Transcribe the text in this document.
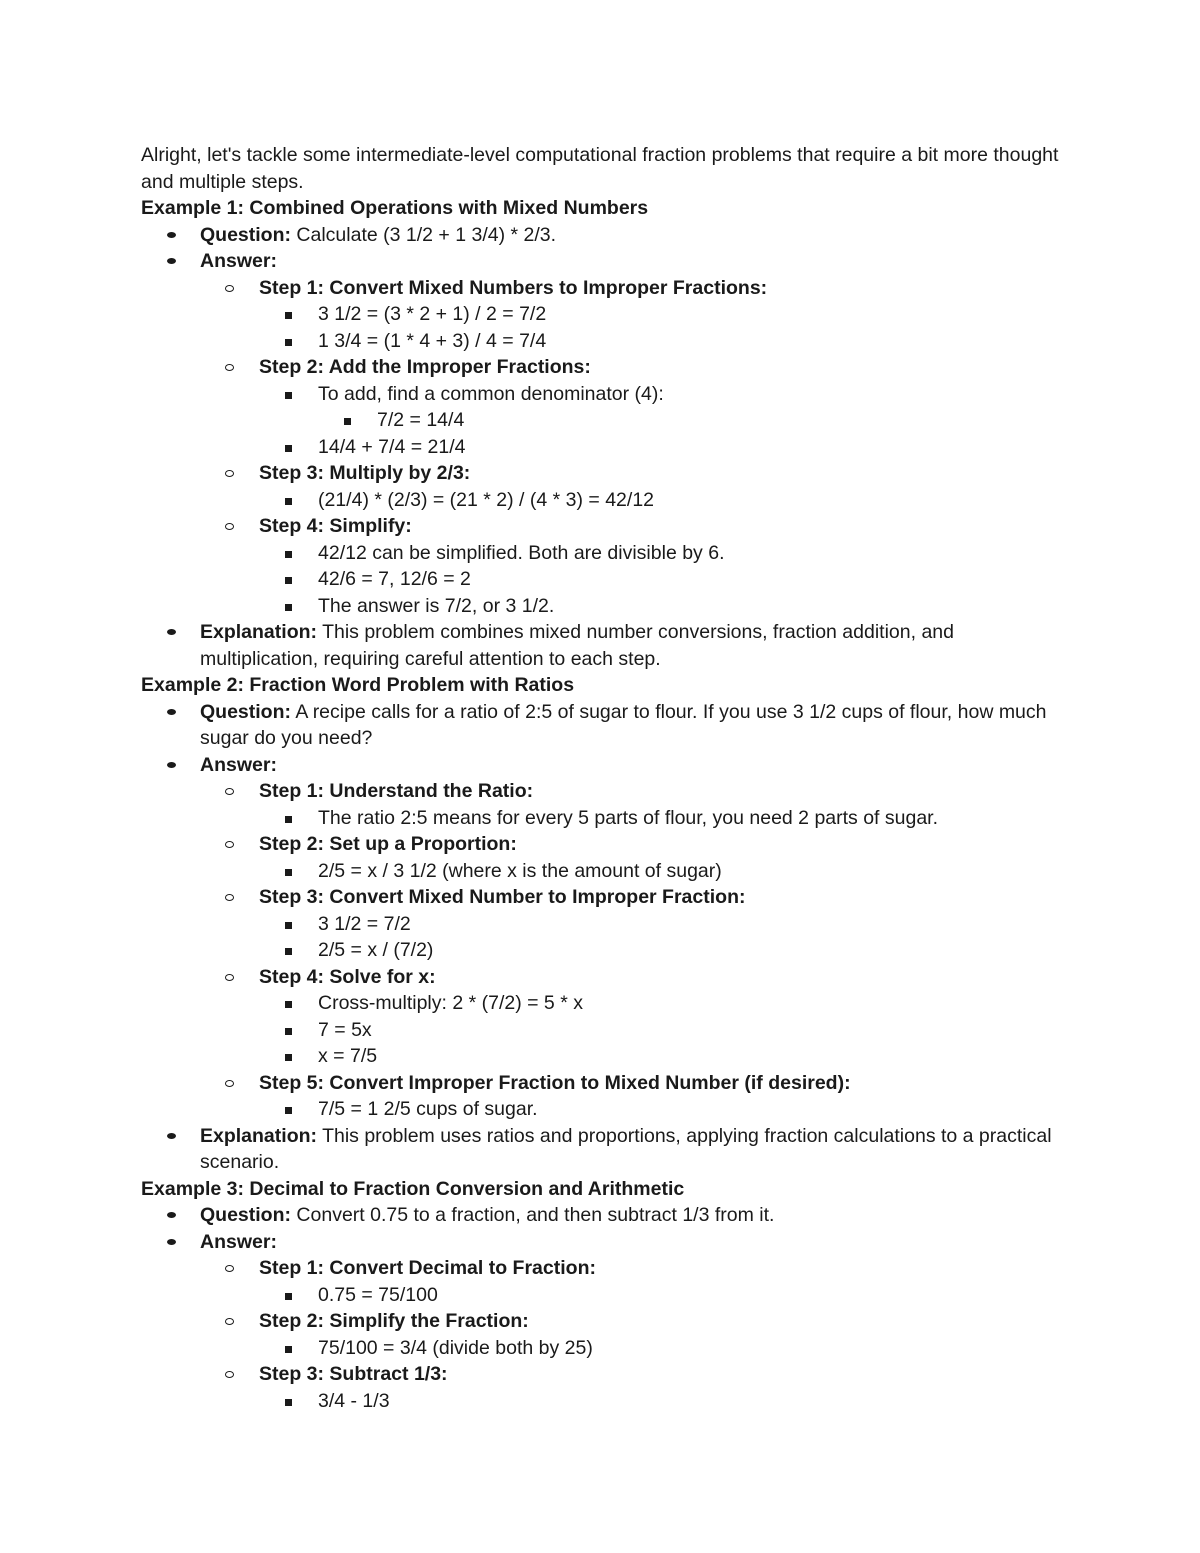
Alright, let's tackle some intermediate-level computational fraction problems that require a bit more thought and multiple steps.

Example 1: Combined Operations with Mixed Numbers

Question: Calculate (3 1/2 + 1 3/4) * 2/3.
Answer:
Step 1: Convert Mixed Numbers to Improper Fractions:
3 1/2 = (3 * 2 + 1) / 2 = 7/2
1 3/4 = (1 * 4 + 3) / 4 = 7/4
Step 2: Add the Improper Fractions:
To add, find a common denominator (4):
7/2 = 14/4
14/4 + 7/4 = 21/4
Step 3: Multiply by 2/3:
(21/4) * (2/3) = (21 * 2) / (4 * 3) = 42/12
Step 4: Simplify:
42/12 can be simplified. Both are divisible by 6.
42/6 = 7, 12/6 = 2
The answer is 7/2, or 3 1/2.
Explanation: This problem combines mixed number conversions, fraction addition, and multiplication, requiring careful attention to each step.

Example 2: Fraction Word Problem with Ratios

Question: A recipe calls for a ratio of 2:5 of sugar to flour. If you use 3 1/2 cups of flour, how much sugar do you need?
Answer:
Step 1: Understand the Ratio:
The ratio 2:5 means for every 5 parts of flour, you need 2 parts of sugar.
Step 2: Set up a Proportion:
2/5 = x / 3 1/2 (where x is the amount of sugar)
Step 3: Convert Mixed Number to Improper Fraction:
3 1/2 = 7/2
2/5 = x / (7/2)
Step 4: Solve for x:
Cross-multiply: 2 * (7/2) = 5 * x
7 = 5x
x = 7/5
Step 5: Convert Improper Fraction to Mixed Number (if desired):
7/5 = 1 2/5 cups of sugar.
Explanation: This problem uses ratios and proportions, applying fraction calculations to a practical scenario.

Example 3: Decimal to Fraction Conversion and Arithmetic

Question: Convert 0.75 to a fraction, and then subtract 1/3 from it.
Answer:
Step 1: Convert Decimal to Fraction:
0.75 = 75/100
Step 2: Simplify the Fraction:
75/100 = 3/4 (divide both by 25)
Step 3: Subtract 1/3:
3/4 - 1/3
